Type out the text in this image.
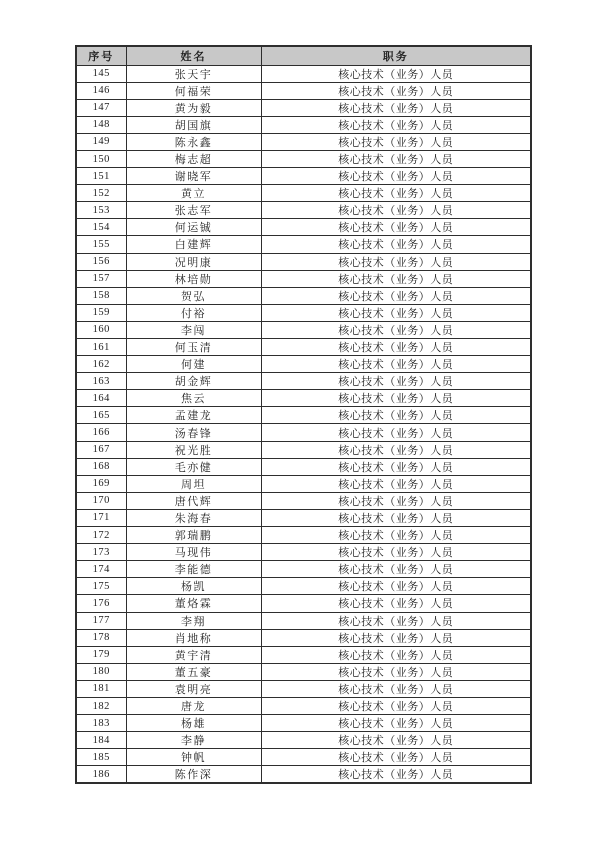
序号	姓名	职务
145	张天宇	核心技术（业务）人员
146	何福荣	核心技术（业务）人员
147	黄为毅	核心技术（业务）人员
148	胡国旗	核心技术（业务）人员
149	陈永鑫	核心技术（业务）人员
150	梅志超	核心技术（业务）人员
151	谢晓军	核心技术（业务）人员
152	黄立	核心技术（业务）人员
153	张志军	核心技术（业务）人员
154	何运铖	核心技术（业务）人员
155	白建辉	核心技术（业务）人员
156	况明康	核心技术（业务）人员
157	林培勋	核心技术（业务）人员
158	贺弘	核心技术（业务）人员
159	付裕	核心技术（业务）人员
160	李闯	核心技术（业务）人员
161	何玉清	核心技术（业务）人员
162	何建	核心技术（业务）人员
163	胡金辉	核心技术（业务）人员
164	焦云	核心技术（业务）人员
165	孟建龙	核心技术（业务）人员
166	汤春锋	核心技术（业务）人员
167	祝光胜	核心技术（业务）人员
168	毛亦健	核心技术（业务）人员
169	周坦	核心技术（业务）人员
170	唐代辉	核心技术（业务）人员
171	朱海春	核心技术（业务）人员
172	郭瑞鹏	核心技术（业务）人员
173	马现伟	核心技术（业务）人员
174	李能德	核心技术（业务）人员
175	杨凯	核心技术（业务）人员
176	董烙霖	核心技术（业务）人员
177	李翔	核心技术（业务）人员
178	肖地称	核心技术（业务）人员
179	黄宇清	核心技术（业务）人员
180	董五豪	核心技术（业务）人员
181	袁明亮	核心技术（业务）人员
182	唐龙	核心技术（业务）人员
183	杨雄	核心技术（业务）人员
184	李静	核心技术（业务）人员
185	钟帆	核心技术（业务）人员
186	陈作深	核心技术（业务）人员
